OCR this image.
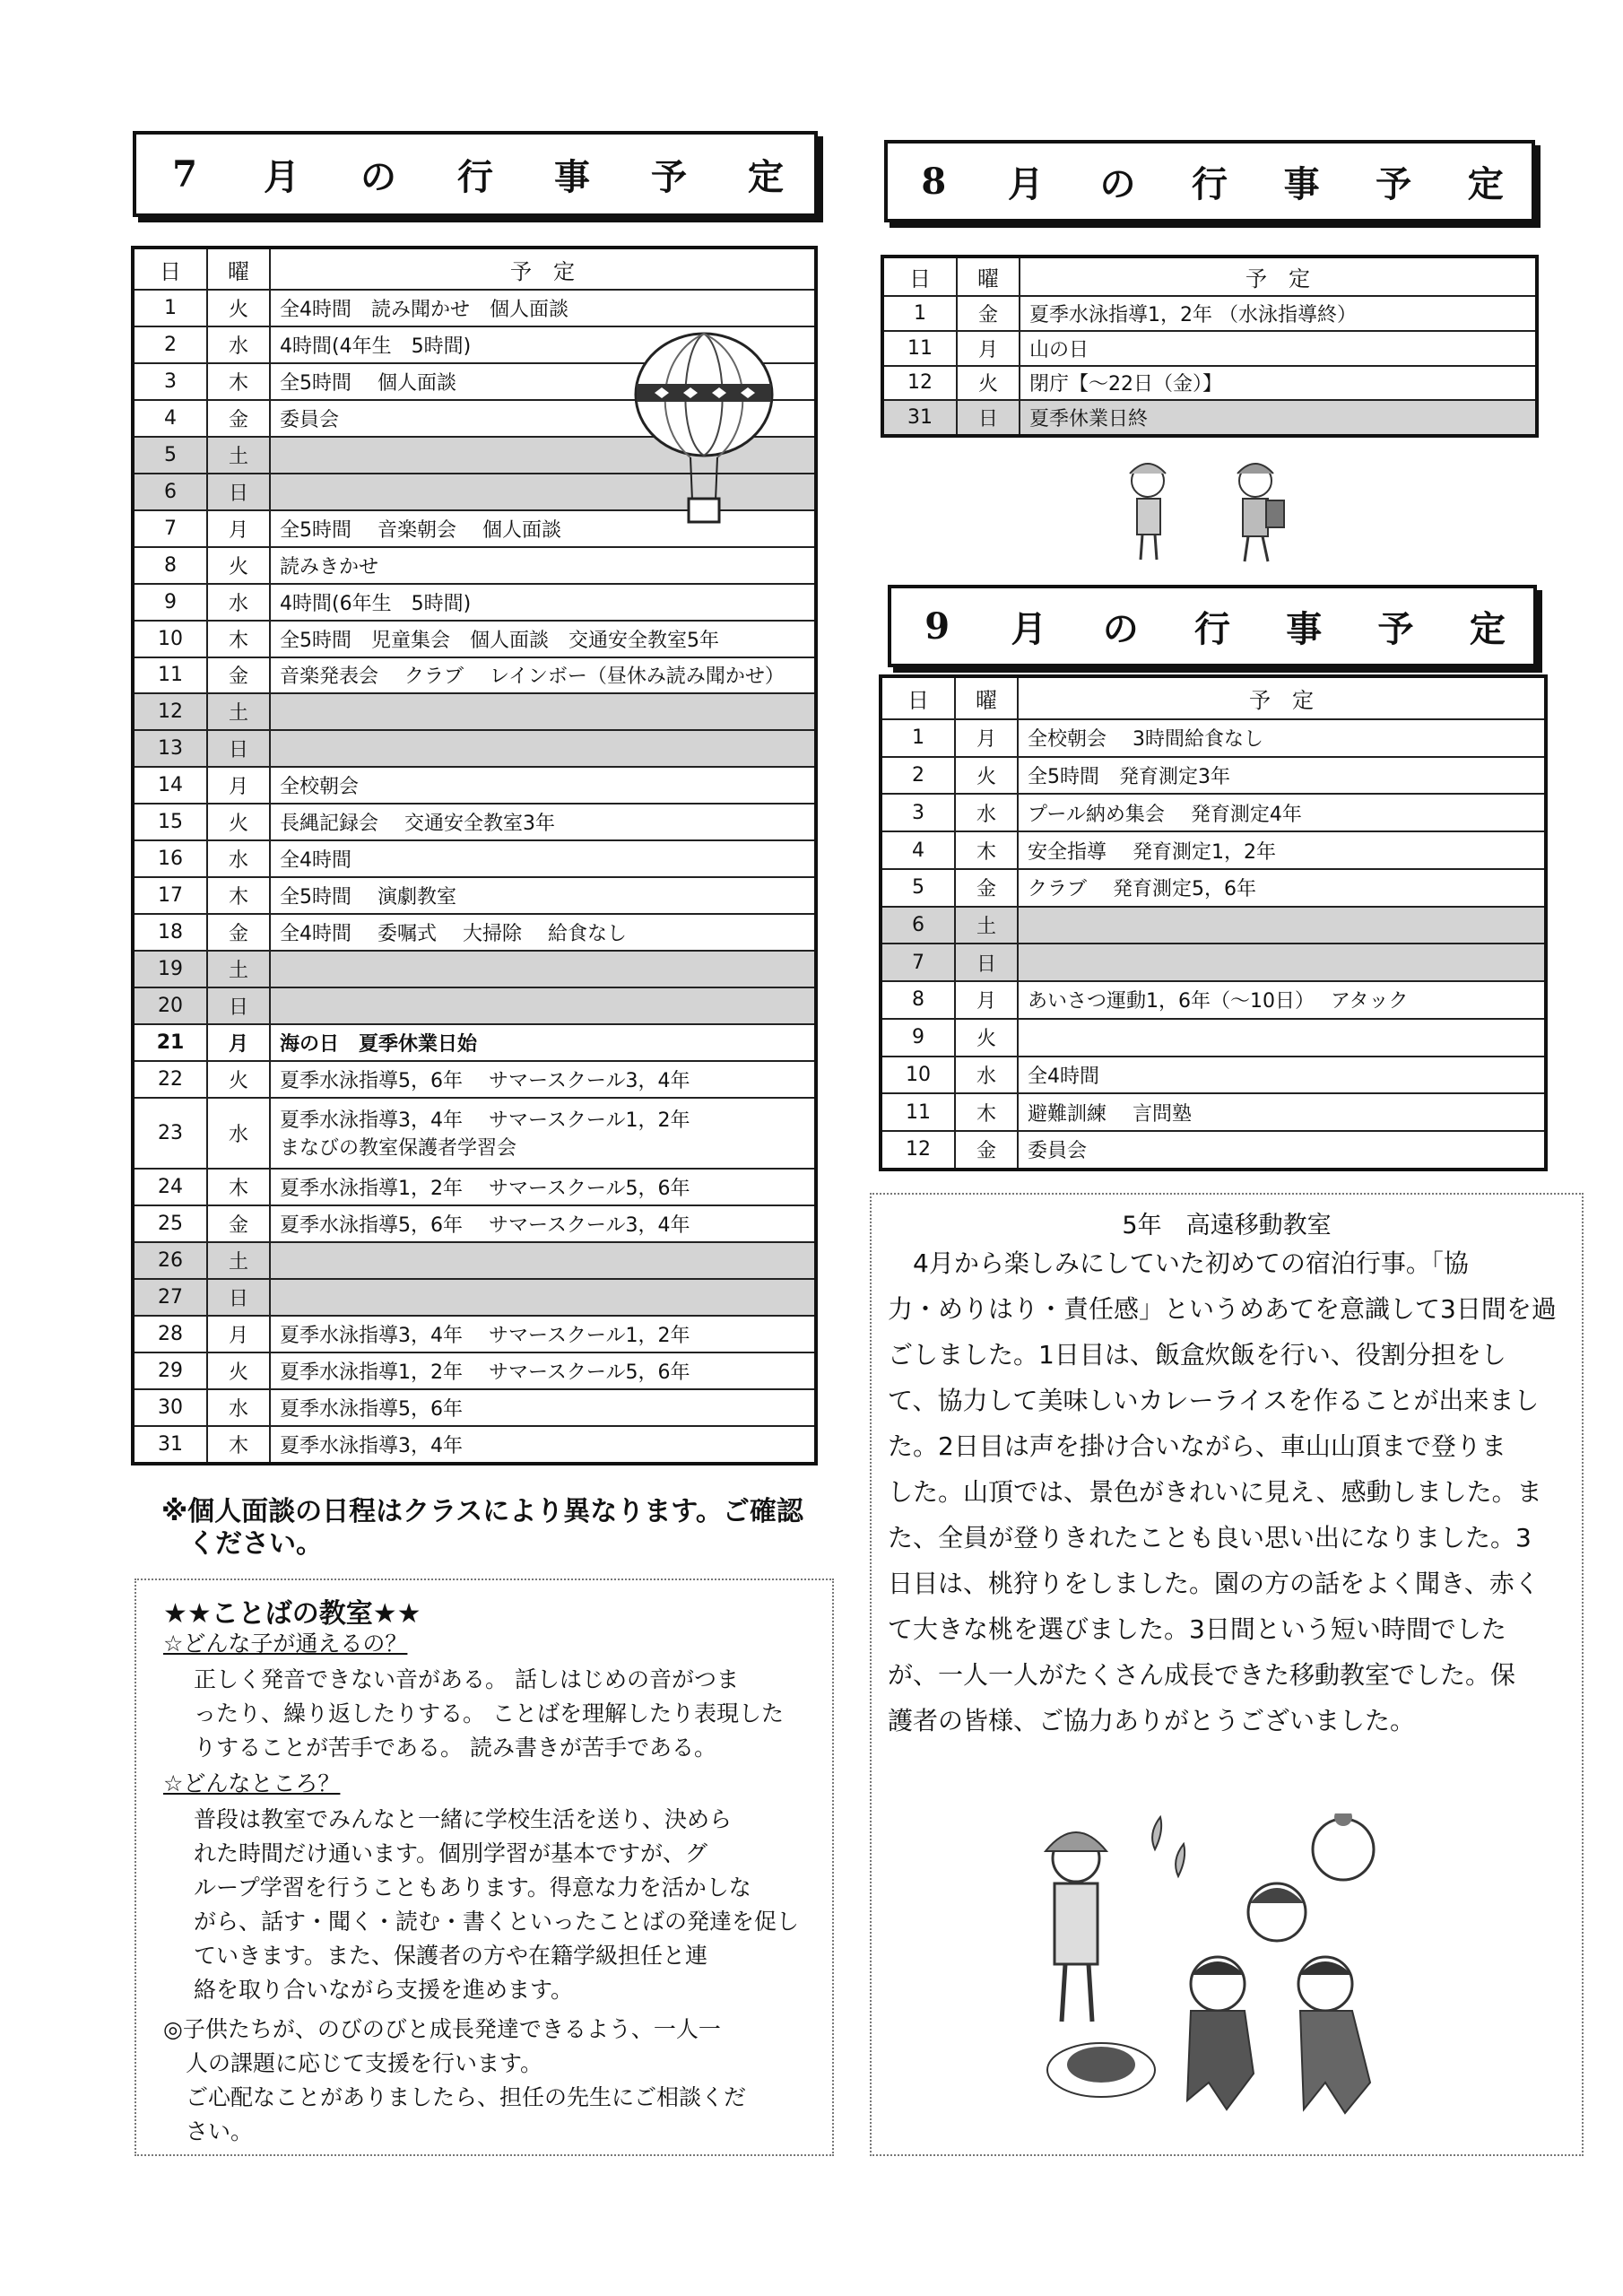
7	月	の	行	事	予	定
日	曜	予　定
1	火	全4時間　読み聞かせ　個人面談
2	水	4時間(4年生　5時間)
3	木	全5時間　 個人面談
4	金	委員会
5	土	
6	日	
7	月	全5時間　 音楽朝会　 個人面談
8	火	読みきかせ
9	水	4時間(6年生　5時間)
10	木	全5時間　児童集会　個人面談　交通安全教室5年
11	金	音楽発表会　 クラブ　 レインボー（昼休み読み聞かせ）
12	土	
13	日	
14	月	全校朝会
15	火	長縄記録会　 交通安全教室3年
16	水	全4時間
17	木	全5時間　 演劇教室
18	金	全4時間　 委嘱式　 大掃除　 給食なし
19	土	
20	日	
21	月	海の日　夏季休業日始
22	火	夏季水泳指導5，6年　 サマースクール3，4年
23	水	夏季水泳指導3，4年　 サマースクール1，2年
まなびの教室保護者学習会
24	木	夏季水泳指導1，2年　 サマースクール5，6年
25	金	夏季水泳指導5，6年　 サマースクール3，4年
26	土	
27	日	
28	月	夏季水泳指導3，4年　 サマースクール1，2年
29	火	夏季水泳指導1，2年　 サマースクール5，6年
30	水	夏季水泳指導5，6年
31	木	夏季水泳指導3，4年
※個人面談の日程はクラスにより異なります。ご確認
　ください。
★★ことばの教室★★
☆どんな子が通えるの？
正しく発音できない音がある。 話しはじめの音がつま
ったり、繰り返したりする。 ことばを理解したり表現した
りすることが苦手である。 読み書きが苦手である。
☆どんなところ？
普段は教室でみんなと一緒に学校生活を送り、決めら
れた時間だけ通います。個別学習が基本ですが、グ
ループ学習を行うこともあります。得意な力を活かしな
がら、話す・聞く・読む・書くといったことばの発達を促し
ていきます。また、保護者の方や在籍学級担任と連
絡を取り合いながら支援を進めます。
◎子供たちが、のびのびと成長発達できるよう、一人一
　人の課題に応じて支援を行います。
　ご心配なことがありましたら、担任の先生にご相談くだ
　さい。
8	月	の	行	事	予	定
日	曜	予　定
1	金	夏季水泳指導1，2年 （水泳指導終）
11	月	山の日
12	火	閉庁【～22日（金）】
31	日	夏季休業日終
9	月	の	行	事	予	定
日	曜	予　定
1	月	全校朝会　 3時間給食なし
2	火	全5時間　発育測定3年
3	水	プール納め集会　 発育測定4年
4	木	安全指導　 発育測定1，2年
5	金	クラブ　 発育測定5，6年
6	土	
7	日	
8	月	あいさつ運動1，6年（～10日）　 アタック
9	火	
10	水	全4時間
11	木	避難訓練　 言問塾
12	金	委員会
5年　高遠移動教室
　4月から楽しみにしていた初めての宿泊行事。「協
力・めりはり・責任感」というめあてを意識して3日間を過
ごしました。1日目は、飯盒炊飯を行い、役割分担をし
て、協力して美味しいカレーライスを作ることが出来まし
た。2日目は声を掛け合いながら、車山山頂まで登りま
した。山頂では、景色がきれいに見え、感動しました。ま
た、全員が登りきれたことも良い思い出になりました。3
日目は、桃狩りをしました。園の方の話をよく聞き、赤く
て大きな桃を選びました。3日間という短い時間でした
が、一人一人がたくさん成長できた移動教室でした。保
護者の皆様、ご協力ありがとうございました。
